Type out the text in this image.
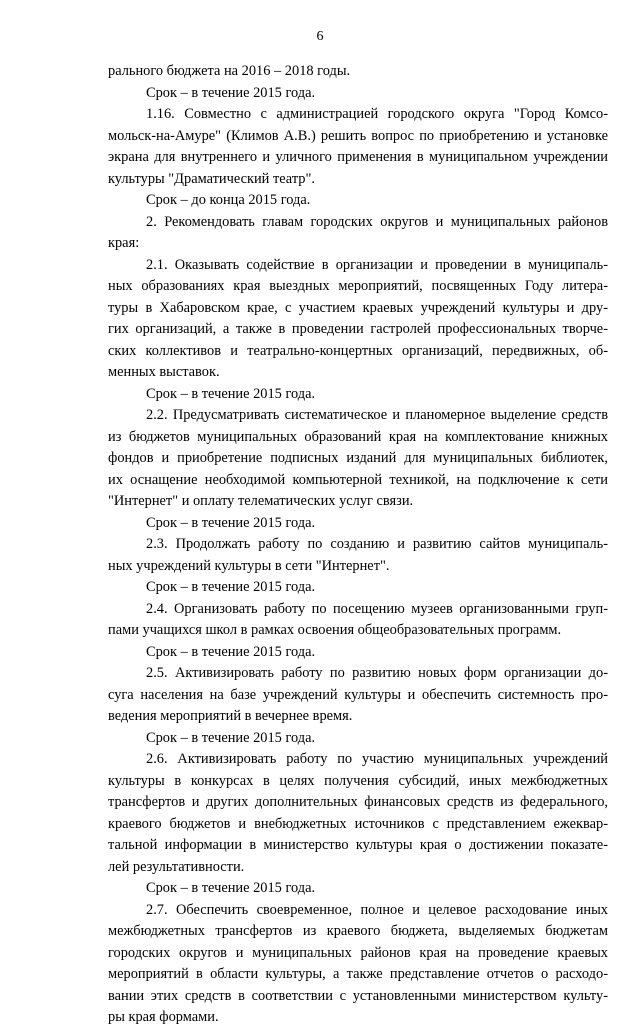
6
рального бюджета на 2016 – 2018 годы.
Срок – в течение 2015 года.
1.16. Совместно с администрацией городского округа "Город Комсо-
мольск-на-Амуре" (Климов А.В.) решить вопрос по приобретению и установке
экрана для внутреннего и уличного применения в муниципальном учреждении
культуры "Драматический театр".
Срок – до конца 2015 года.
2. Рекомендовать главам городских округов и муниципальных районов
края:
2.1. Оказывать содействие в организации и проведении в муниципаль-
ных образованиях края выездных мероприятий, посвященных Году литера-
туры в Хабаровском крае, с участием краевых учреждений культуры и дру-
гих организаций, а также в проведении гастролей профессиональных творче-
ских коллективов и театрально-концертных организаций, передвижных, об-
менных выставок.
Срок – в течение 2015 года.
2.2. Предусматривать систематическое и планомерное выделение средств
из бюджетов муниципальных образований края на комплектование книжных
фондов и приобретение подписных изданий для муниципальных библиотек,
их оснащение необходимой компьютерной техникой, на подключение к сети
"Интернет" и оплату телематических услуг связи.
Срок – в течение 2015 года.
2.3. Продолжать работу по созданию и развитию сайтов муниципаль-
ных учреждений культуры в сети "Интернет".
Срок – в течение 2015 года.
2.4. Организовать работу по посещению музеев организованными груп-
пами учащихся школ в рамках освоения общеобразовательных программ.
Срок – в течение 2015 года.
2.5. Активизировать работу по развитию новых форм организации до-
суга населения на базе учреждений культуры и обеспечить системность про-
ведения мероприятий в вечернее время.
Срок – в течение 2015 года.
2.6. Активизировать работу по участию муниципальных учреждений
культуры в конкурсах в целях получения субсидий, иных межбюджетных
трансфертов и других дополнительных финансовых средств из федерального,
краевого бюджетов и внебюджетных источников с представлением ежеквар-
тальной информации в министерство культуры края о достижении показате-
лей результативности.
Срок – в течение 2015 года.
2.7. Обеспечить своевременное, полное и целевое расходование иных
межбюджетных трансфертов из краевого бюджета, выделяемых бюджетам
городских округов и муниципальных районов края на проведение краевых
мероприятий в области культуры, а также представление отчетов о расходо-
вании этих средств в соответствии с установленными министерством культу-
ры края формами.
